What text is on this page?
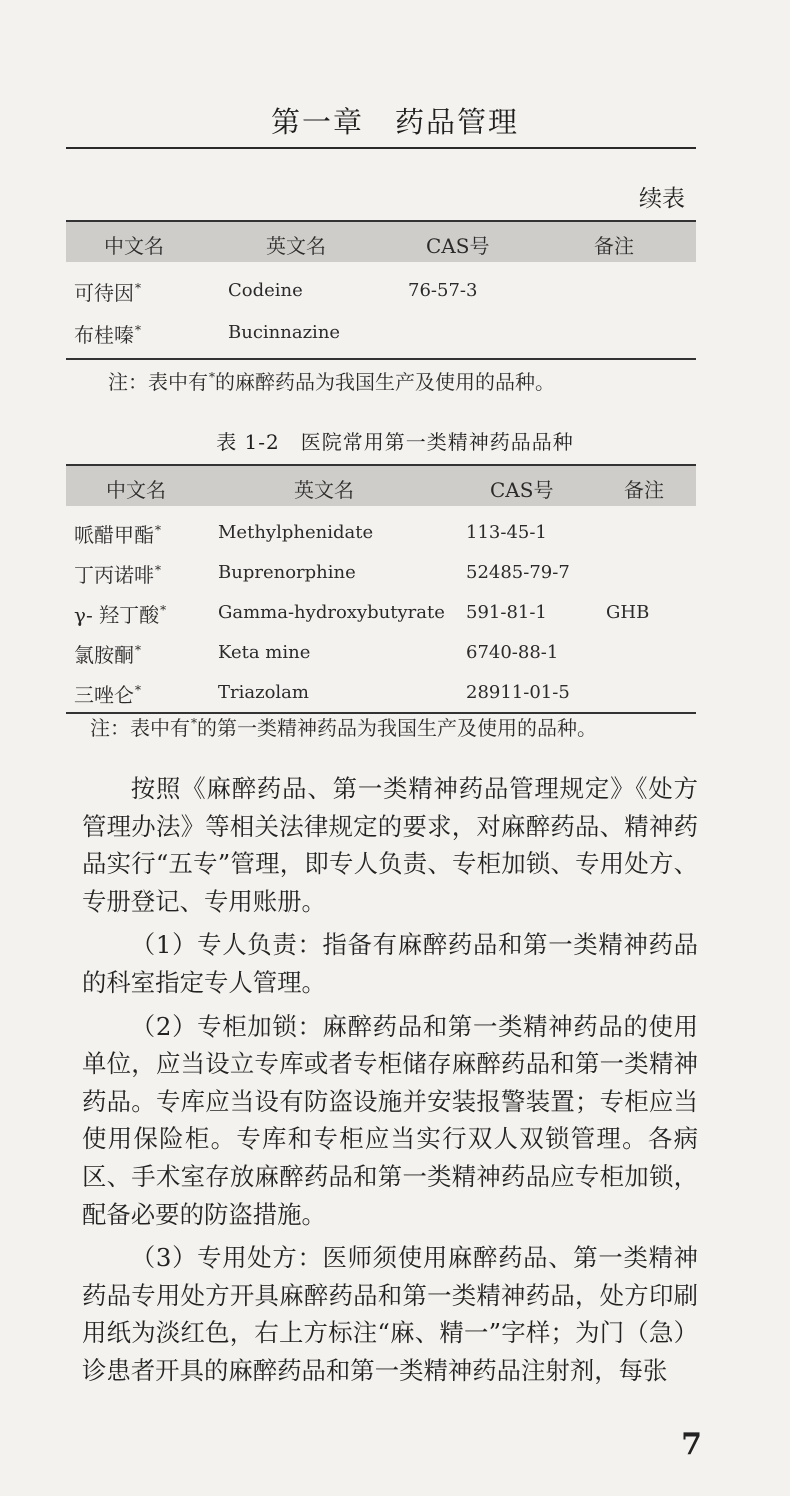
第一章　药品管理
续表
中文名	英文名	CAS号	备注
可待因*	Codeine	76-57-3
布桂嗪*	Bucinnazine
注：表中有*的麻醉药品为我国生产及使用的品种。
表 1-2　医院常用第一类精神药品品种
中文名	英文名	CAS号	备注
哌醋甲酯*	Methylphenidate	113-45-1
丁丙诺啡*	Buprenorphine	52485-79-7
γ- 羟丁酸*	Gamma-hydroxybutyrate 591-81-1	GHB
氯胺酮*	Keta mine	6740-88-1
三唑仑*	Triazolam	28911-01-5
注：表中有*的第一类精神药品为我国生产及使用的品种。

按照《麻醉药品、第一类精神药品管理规定》《处方管理办法》等相关法律规定的要求，对麻醉药品、精神药品实行“五专”管理，即专人负责、专柜加锁、专用处方、专册登记、专用账册。

（1）专人负责：指备有麻醉药品和第一类精神药品的科室指定专人管理。

（2）专柜加锁：麻醉药品和第一类精神药品的使用单位，应当设立专库或者专柜储存麻醉药品和第一类精神药品。专库应当设有防盗设施并安装报警装置；专柜应当使用保险柜。专库和专柜应当实行双人双锁管理。各病区、手术室存放麻醉药品和第一类精神药品应专柜加锁，配备必要的防盗措施。

（3）专用处方：医师须使用麻醉药品、第一类精神药品专用处方开具麻醉药品和第一类精神药品，处方印刷用纸为淡红色，右上方标注“麻、精一”字样；为门（急）诊患者开具的麻醉药品和第一类精神药品注射剂，每张

7
